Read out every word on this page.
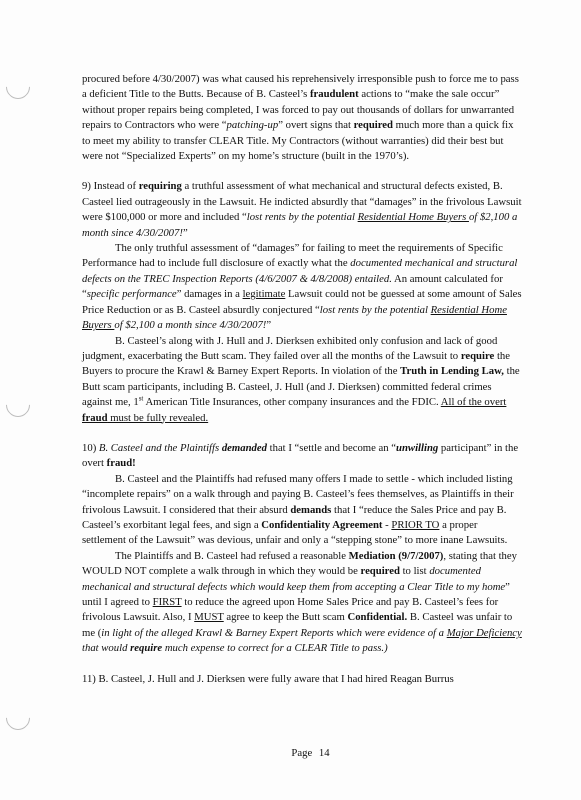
procured before 4/30/2007) was what caused his reprehensively irresponsible push to force me to pass a deficient Title to the Butts. Because of B. Casteel’s fraudulent actions to “make the sale occur” without proper repairs being completed, I was forced to pay out thousands of dollars for unwarranted repairs to Contractors who were “patching-up” overt signs that required much more than a quick fix to meet my ability to transfer CLEAR Title. My Contractors (without warranties) did their best but were not “Specialized Experts” on my home’s structure (built in the 1970’s).

9) Instead of requiring a truthful assessment of what mechanical and structural defects existed, B. Casteel lied outrageously in the Lawsuit. He indicted absurdly that “damages” in the frivolous Lawsuit were $100,000 or more and included “lost rents by the potential Residential Home Buyers of $2,100 a month since 4/30/2007!”

The only truthful assessment of “damages” for failing to meet the requirements of Specific Performance had to include full disclosure of exactly what the documented mechanical and structural defects on the TREC Inspection Reports (4/6/2007 & 4/8/2008) entailed. An amount calculated for “specific performance” damages in a legitimate Lawsuit could not be guessed at some amount of Sales Price Reduction or as B. Casteel absurdly conjectured “lost rents by the potential Residential Home Buyers of $2,100 a month since 4/30/2007!”

B. Casteel’s along with J. Hull and J. Dierksen exhibited only confusion and lack of good judgment, exacerbating the Butt scam. They failed over all the months of the Lawsuit to require the Buyers to procure the Krawl & Barney Expert Reports. In violation of the Truth in Lending Law, the Butt scam participants, including B. Casteel, J. Hull (and J. Dierksen) committed federal crimes against me, 1st American Title Insurances, other company insurances and the FDIC. All of the overt fraud must be fully revealed.

10) B. Casteel and the Plaintiffs demanded that I “settle and become an “unwilling participant” in the overt fraud!

B. Casteel and the Plaintiffs had refused many offers I made to settle - which included listing “incomplete repairs” on a walk through and paying B. Casteel’s fees themselves, as Plaintiffs in their frivolous Lawsuit. I considered that their absurd demands that I “reduce the Sales Price and pay B. Casteel’s exorbitant legal fees, and sign a Confidentiality Agreement - PRIOR TO a proper settlement of the Lawsuit” was devious, unfair and only a “stepping stone” to more inane Lawsuits.

The Plaintiffs and B. Casteel had refused a reasonable Mediation (9/7/2007), stating that they WOULD NOT complete a walk through in which they would be required to list documented mechanical and structural defects which would keep them from accepting a Clear Title to my home” until I agreed to FIRST to reduce the agreed upon Home Sales Price and pay B. Casteel’s fees for frivolous Lawsuit. Also, I MUST agree to keep the Butt scam Confidential. B. Casteel was unfair to me (in light of the alleged Krawl & Barney Expert Reports which were evidence of a Major Deficiency that would require much expense to correct for a CLEAR Title to pass.)

11) B. Casteel, J. Hull and J. Dierksen were fully aware that I had hired Reagan Burrus

Page 14
